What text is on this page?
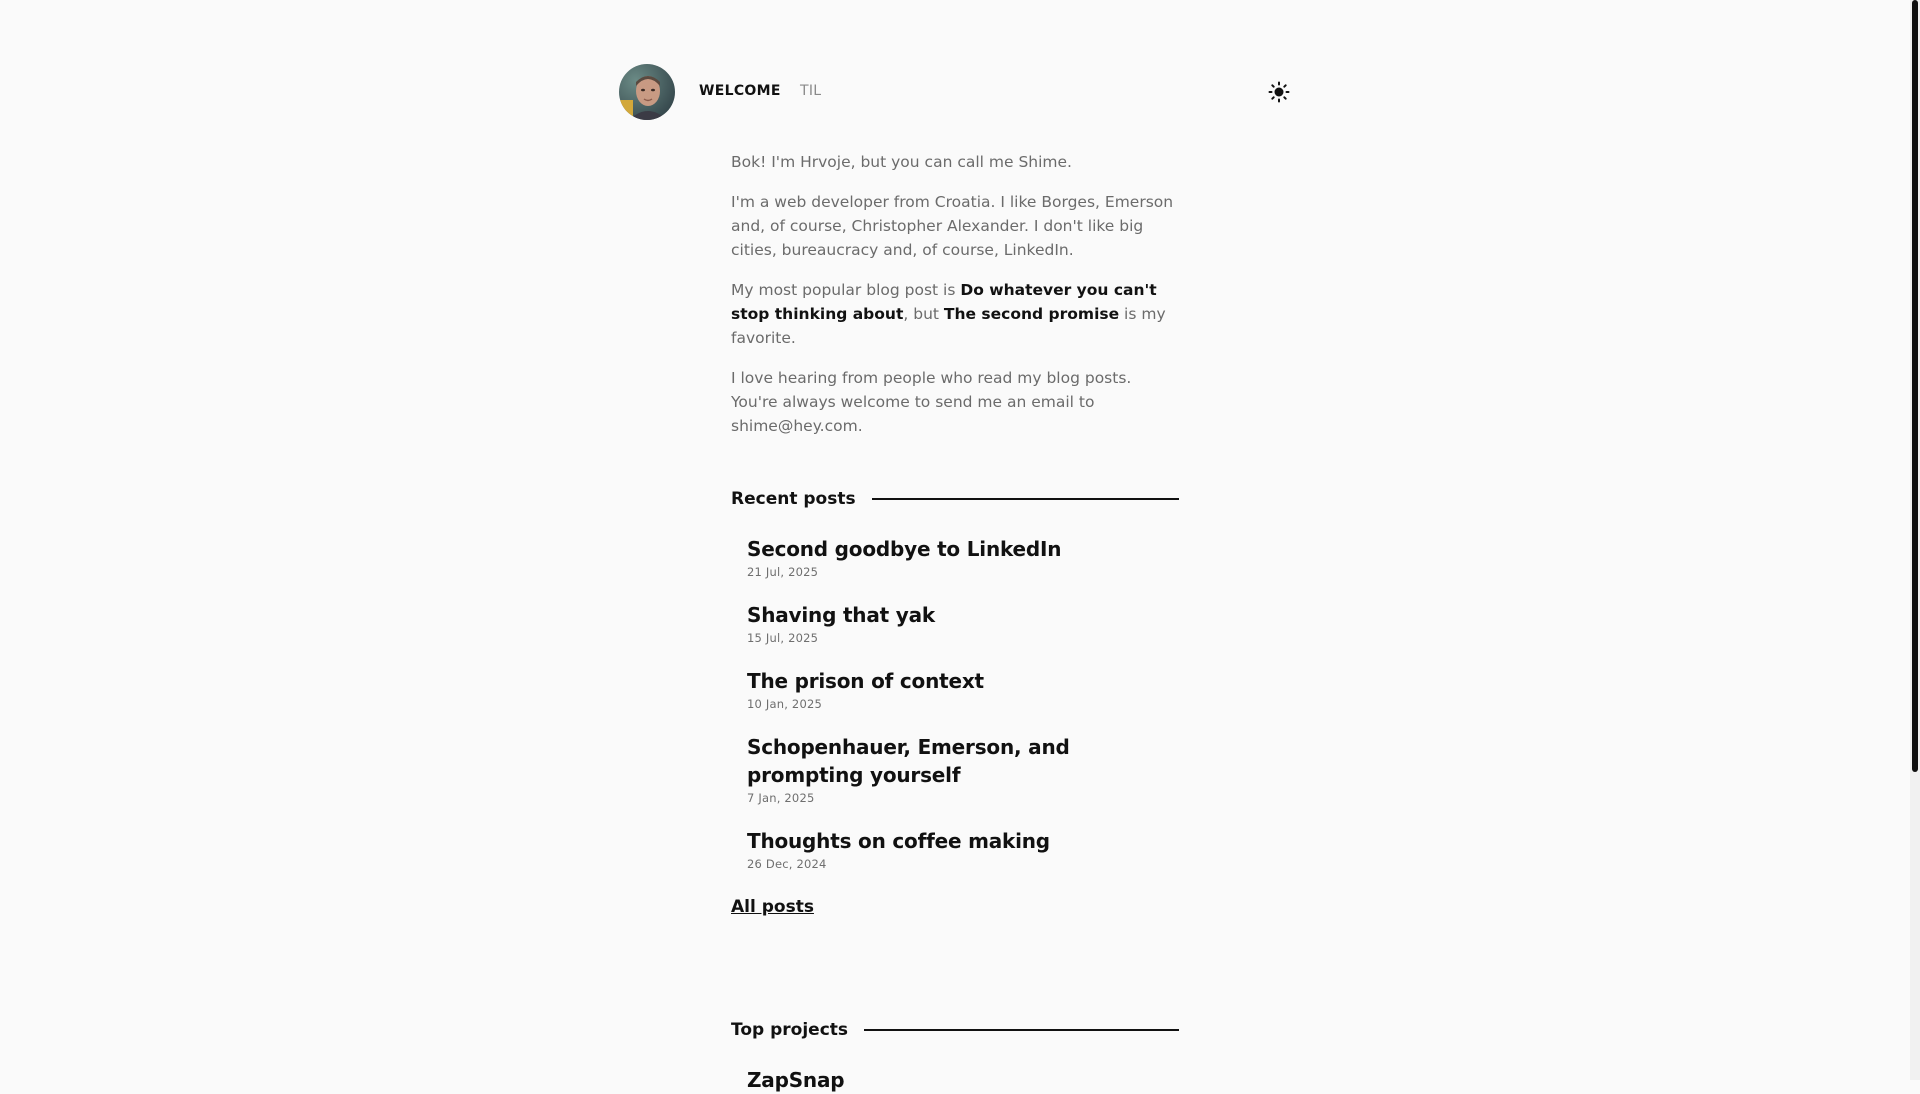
WELCOME TIL

Bok! I'm Hrvoje, but you can call me Shime.

I'm a web developer from Croatia. I like Borges, Emerson and, of course, Christopher Alexander. I don't like big cities, bureaucracy and, of course, LinkedIn.

My most popular blog post is Do whatever you can't stop thinking about, but The second promise is my favorite.

I love hearing from people who read my blog posts. You're always welcome to send me an email to shime@hey.com.

Recent posts
Second goodbye to LinkedIn
21 Jul, 2025
Shaving that yak
15 Jul, 2025
The prison of context
10 Jan, 2025
Schopenhauer, Emerson, and prompting yourself
7 Jan, 2025
Thoughts on coffee making
26 Dec, 2024
All posts
Top projects
ZapSnap
